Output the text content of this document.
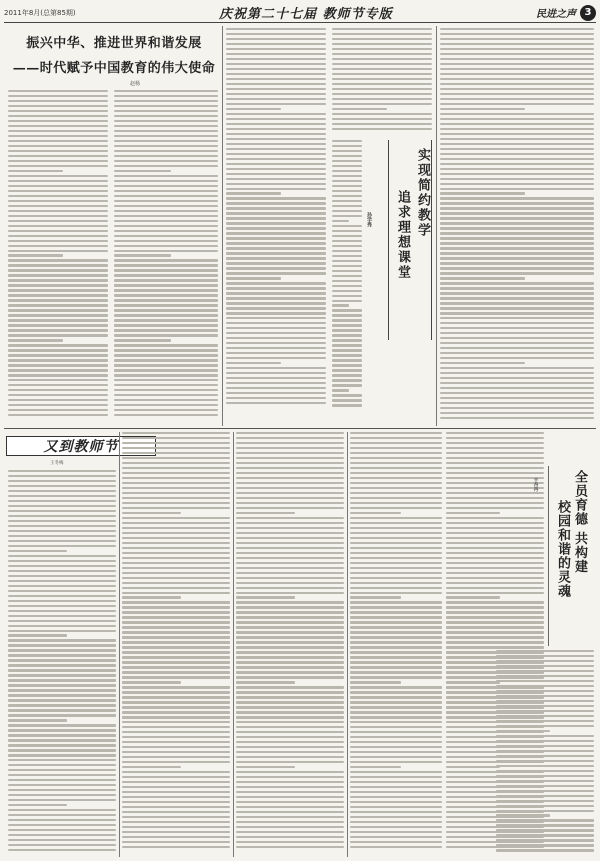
2011年8月(总第85期)	庆祝第二十七届 教师节专版	民进之声 3
振兴中华、推进世界和谐发展
——时代赋予中国教育的伟大使命
赵杨
实现简约教学
追求理想课堂
孙学秀
又到教师节
王冬梅
全员育德 共构建
校园和谐的灵魂
于丹丹
